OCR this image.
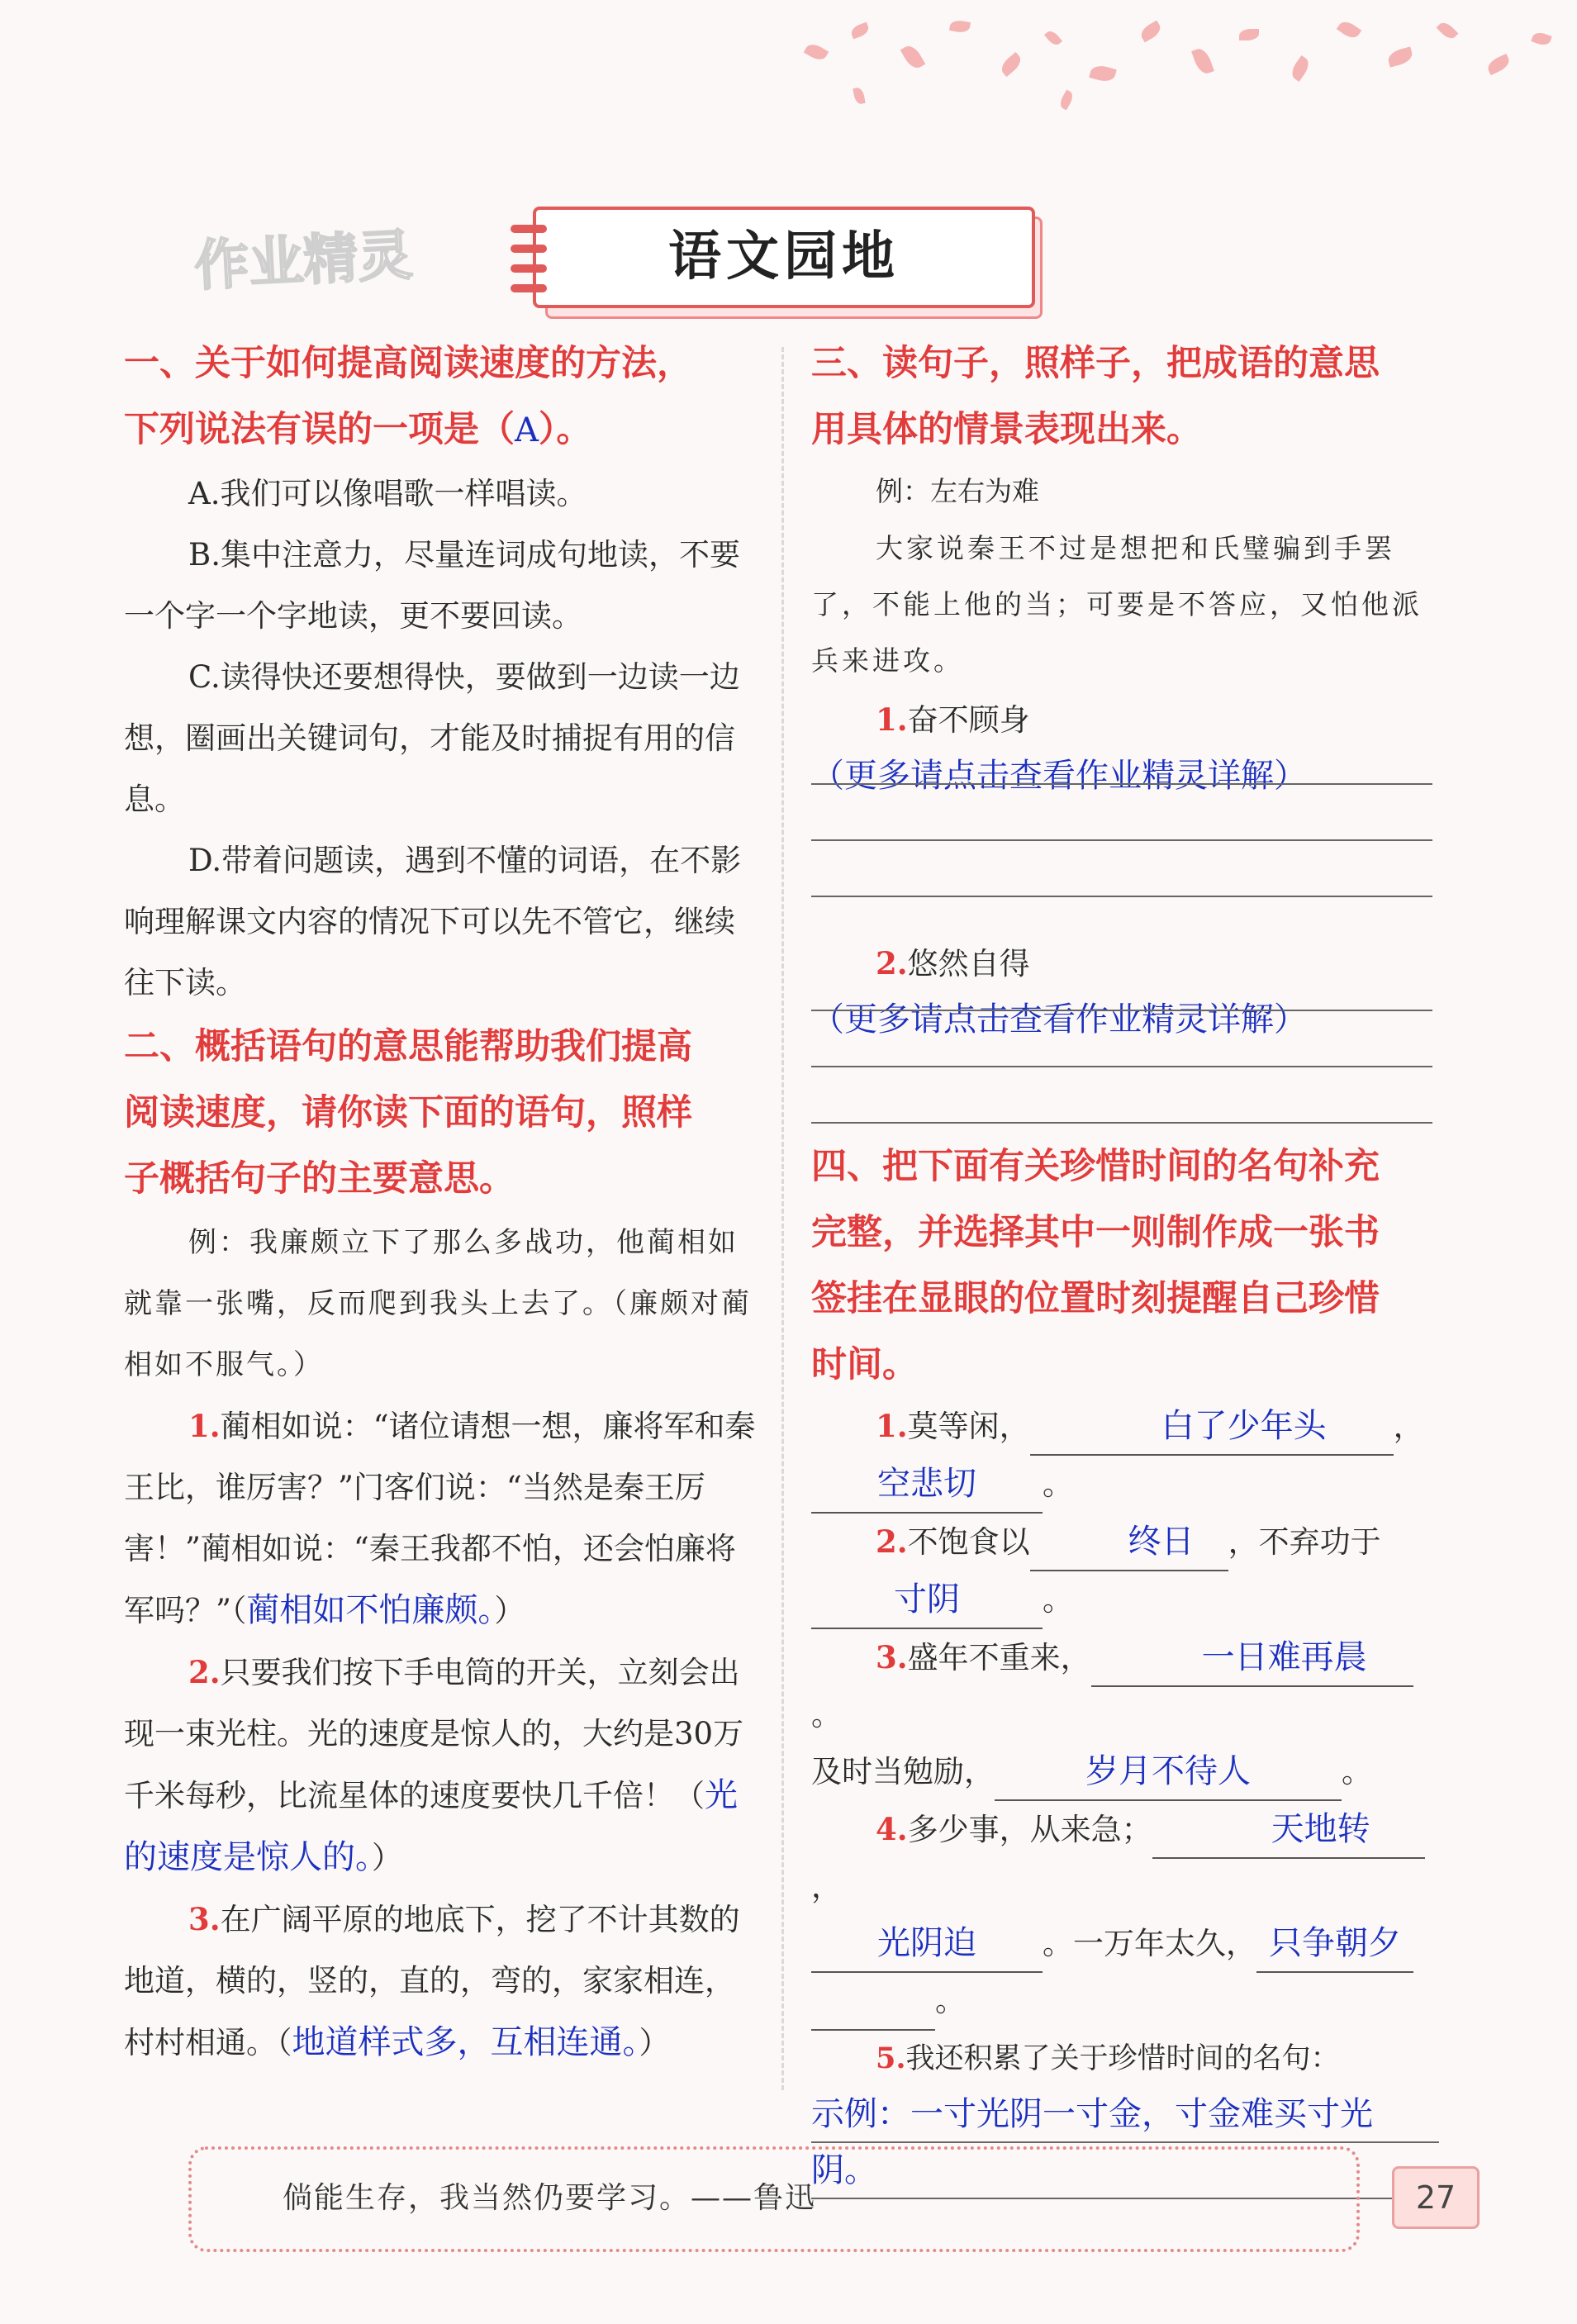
作业精灵	语文园地

一、关于如何提高阅读速度的方法，

下列说法有误的一项是（A）。

A.我们可以像唱歌一样唱读。

B.集中注意力，尽量连词成句地读，不要一个字一个字地读，更不要回读。

C.读得快还要想得快，要做到一边读一边想，圈画出关键词句，才能及时捕捉有用的信息。

D.带着问题读，遇到不懂的词语，在不影响理解课文内容的情况下可以先不管它，继续往下读。

二、概括语句的意思能帮助我们提高

阅读速度，请你读下面的语句，照样

子概括句子的主要意思。

例：我廉颇立下了那么多战功，他蔺相如就靠一张嘴，反而爬到我头上去了。（廉颇对蔺相如不服气。）

1.蔺相如说：“诸位请想一想，廉将军和秦王比，谁厉害？”门客们说：“当然是秦王厉害！”蔺相如说：“秦王我都不怕，还会怕廉将军吗？”（蔺相如不怕廉颇。）

2.只要我们按下手电筒的开关，立刻会出现一束光柱。光的速度是惊人的，大约是30万千米每秒，比流星体的速度要快几千倍！（光的速度是惊人的。）

3.在广阔平原的地底下，挖了不计其数的地道，横的，竖的，直的，弯的，家家相连，村村相通。（地道样式多，互相连通。）

三、读句子，照样子，把成语的意思

用具体的情景表现出来。

例：左右为难

大家说秦王不过是想把和氏璧骗到手罢了，不能上他的当；可要是不答应，又怕他派兵来进攻。

1.奋不顾身

（更多请点击查看作业精灵详解）

2.悠然自得

（更多请点击查看作业精灵详解）

四、把下面有关珍惜时间的名句补充

完整，并选择其中一则制作成一张书

签挂在显眼的位置时刻提醒自己珍惜

时间。

1.莫等闲，	白了少年头 ，

空悲切 。

2.不饱食以	终日 ，不弃功于

寸阴	。

3.盛年不重来，	一日难再晨。

及时当勉励，	岁月不待人	。

4.多少事，从来急；	天地转，

光阴迫 。一万年太久， 只争朝夕

。

5.我还积累了关于珍惜时间的名句：

示例：一寸光阴一寸金，寸金难买寸光

阴。

倘能生存，我当然仍要学习。——鲁迅	27
